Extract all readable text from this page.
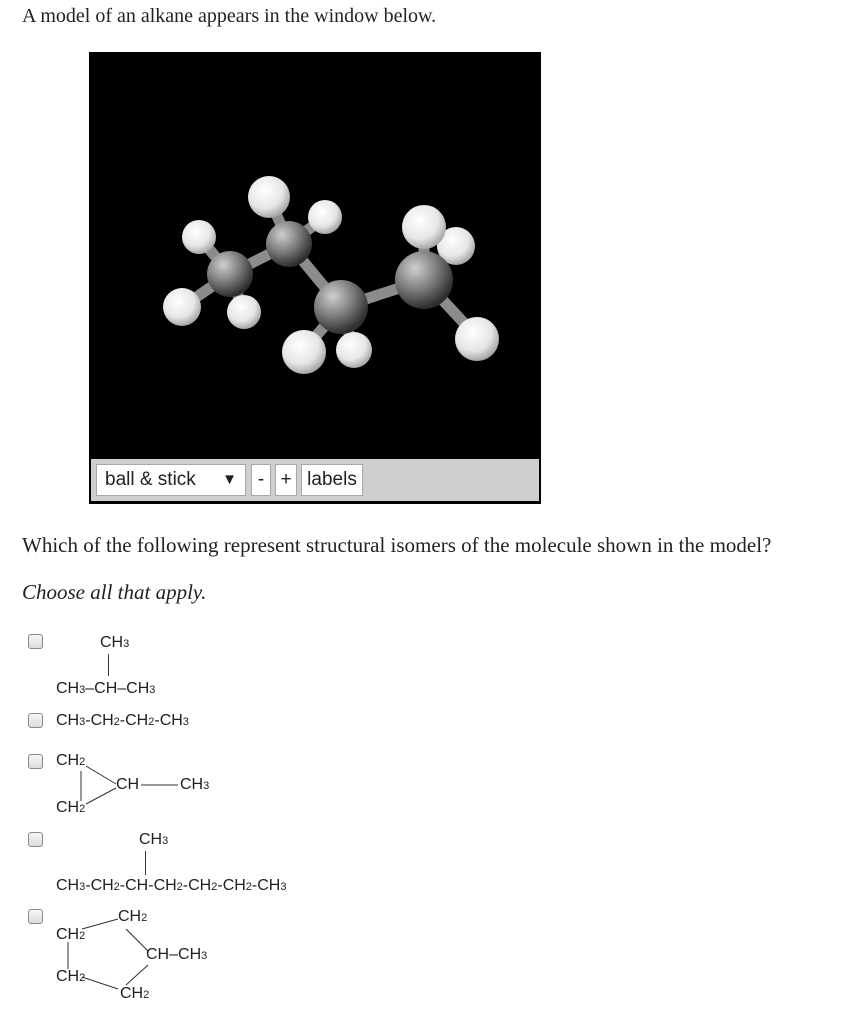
A model of an alkane appears in the window below.
ball & stick ▼	- + labels
Which of the following represent structural isomers of the molecule shown in the model?
Choose all that apply.
CH3
CH3–CH–CH3
CH3-CH2-CH2-CH3
CH2
CH2
CH	CH3
CH3
CH3-CH2-CH-CH2-CH2-CH2-CH3
CH2
CH2
CH–CH3
CH2
CH2
